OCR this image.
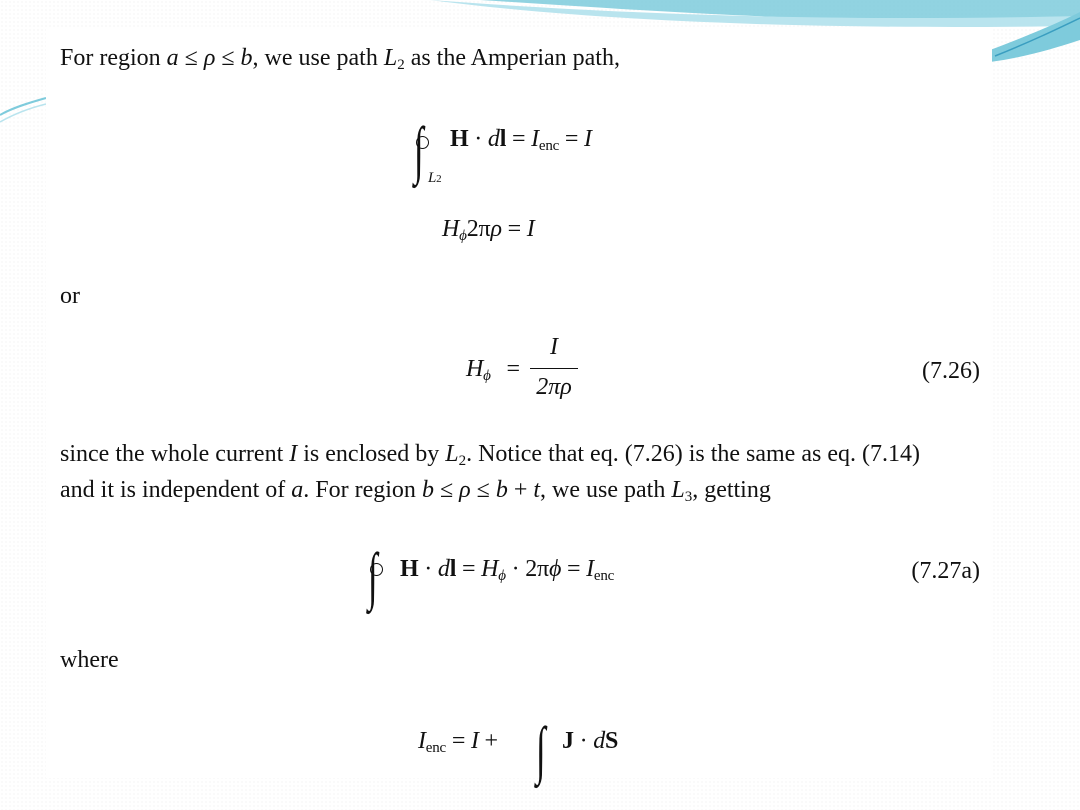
For region a ≤ ρ ≤ b, we use path $L_2$ as the Amperian path,
∫ L2
H · dl = $I_{enc} = I$
$H_\phi 2\pi\rho = I$
or
$H_\phi$ =
I
2πρ
(7.26)
since the whole current I is enclosed by $L_2$. Notice that eq. (7.26) is the same as eq. (7.14)
and it is independent of a. For region b ≤ ρ ≤ b + t, we use path $L_3$, getting
∫ H · dl = $H_\phi \cdot 2\pi\phi = I_{enc}$	(7.27a)
where
$I_{enc} = I$ + ∫ J · dS
